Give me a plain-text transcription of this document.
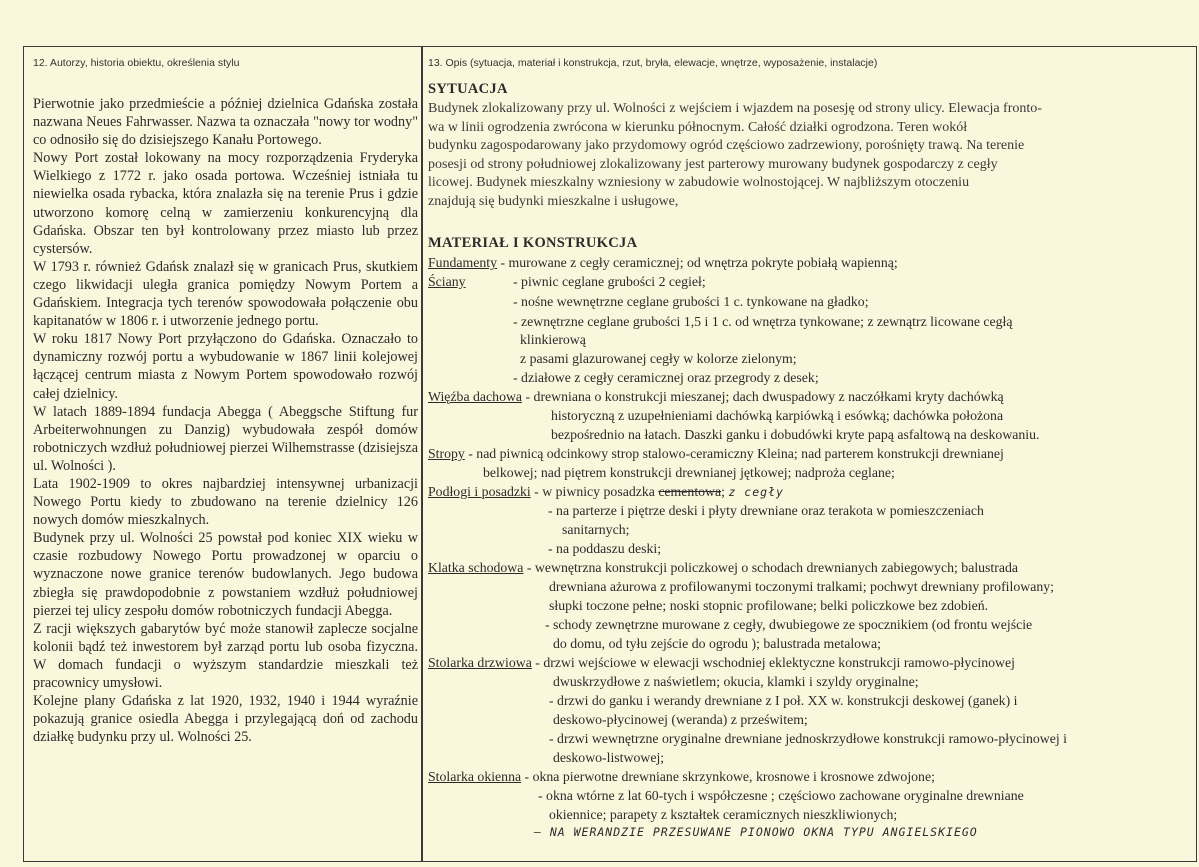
12. Autorzy, historia obiektu, określenia stylu	13. Opis (sytuacja, materiał i konstrukcja, rzut, bryła, elewacje, wnętrze, wyposażenie, instalacje)

Pierwotnie jako przedmieście a później dzielnica Gdańska została nazwana Neues Fahrwasser. Nazwa ta oznaczała "nowy tor wodny" co odnosiło się do dzisiejszego Kanału Portowego.

Nowy Port został lokowany na mocy rozporządzenia Fryderyka Wielkiego z 1772 r. jako osada portowa. Wcześniej istniała tu niewielka osada rybacka, która znalazła się na terenie Prus i gdzie utworzono komorę celną w zamierzeniu konkurencyjną dla Gdańska. Obszar ten był kontrolowany przez miasto lub przez cystersów.

W 1793 r. również Gdańsk znalazł się w granicach Prus, skutkiem czego likwidacji uległa granica pomiędzy Nowym Portem a Gdańskiem. Integracja tych terenów spowodowała połączenie obu kapitanatów w 1806 r. i utworzenie jednego portu.

W roku 1817 Nowy Port przyłączono do Gdańska. Oznaczało to dynamiczny rozwój portu a wybudowanie w 1867 linii kolejowej łączącej centrum miasta z Nowym Portem spowodowało rozwój całej dzielnicy.

W latach 1889-1894 fundacja Abegga ( Abeggsche Stiftung fur Arbeiterwohnungen zu Danzig) wybudowała zespół domów robotniczych wzdłuż południowej pierzei Wilhemstrasse (dzisiejsza ul. Wolności ).

Lata 1902-1909 to okres najbardziej intensywnej urbanizacji Nowego Portu kiedy to zbudowano na terenie dzielnicy 126 nowych domów mieszkalnych.

Budynek przy ul. Wolności 25 powstał pod koniec XIX wieku w czasie rozbudowy Nowego Portu prowadzonej w oparciu o wyznaczone nowe granice terenów budowlanych. Jego budowa zbiegła się prawdopodobnie z powstaniem wzdłuż południowej pierzei tej ulicy zespołu domów robotniczych fundacji Abegga.

Z racji większych gabarytów być może stanowił zaplecze socjalne kolonii bądź też inwestorem był zarząd portu lub osoba fizyczna. W domach fundacji o wyższym standardzie mieszkali też pracownicy umysłowi.

Kolejne plany Gdańska z lat 1920, 1932, 1940 i 1944 wyraźnie pokazują granice osiedla Abegga i przylegającą doń od zachodu działkę budynku przy ul. Wolności 25.

SYTUACJA
Budynek zlokalizowany przy ul. Wolności z wejściem i wjazdem na posesję od strony ulicy. Elewacja fronto-
wa w linii ogrodzenia zwrócona w kierunku północnym. Całość działki ogrodzona. Teren wokół
budynku zagospodarowany jako przydomowy ogród częściowo zadrzewiony, porośnięty trawą. Na terenie
posesji od strony południowej zlokalizowany jest parterowy murowany budynek gospodarczy z cegły
licowej. Budynek mieszkalny wzniesiony w zabudowie wolnostojącej. W najbliższym otoczeniu
znajdują się budynki mieszkalne i usługowe,
MATERIAŁ I KONSTRUKCJA
Fundamenty - murowane z cegły ceramicznej; od wnętrza pokryte pobiałą wapienną;
Ściany	- piwnic ceglane grubości 2 cegieł;
- nośne wewnętrzne ceglane grubości 1 c. tynkowane na gładko;
- zewnętrzne ceglane grubości 1,5 i 1 c. od wnętrza tynkowane; z zewnątrz licowane cegłą
klinkierową
z pasami glazurowanej cegły w kolorze zielonym;
- działowe z cegły ceramicznej oraz przegrody z desek;
Więźba dachowa - drewniana o konstrukcji mieszanej; dach dwuspadowy z naczółkami kryty dachówką
historyczną z uzupełnieniami dachówką karpiówką i esówką; dachówka położona
bezpośrednio na łatach. Daszki ganku i dobudówki kryte papą asfaltową na deskowaniu.
Stropy - nad piwnicą odcinkowy strop stalowo-ceramiczny Kleina; nad parterem konstrukcji drewnianej
belkowej; nad piętrem konstrukcji drewnianej jętkowej; nadproża ceglane;
Podłogi i posadzki - w piwnicy posadzka cementowa; z cegły
- na parterze i piętrze deski i płyty drewniane oraz terakota w pomieszczeniach
sanitarnych;
- na poddaszu deski;
Klatka schodowa - wewnętrzna konstrukcji policzkowej o schodach drewnianych zabiegowych; balustrada
drewniana ażurowa z profilowanymi toczonymi tralkami; pochwyt drewniany profilowany;
słupki toczone pełne; noski stopnic profilowane; belki policzkowe bez zdobień.
- schody zewnętrzne murowane z cegły, dwubiegowe ze spocznikiem (od frontu wejście
do domu, od tyłu zejście do ogrodu ); balustrada metalowa;
Stolarka drzwiowa - drzwi wejściowe w elewacji wschodniej eklektyczne konstrukcji ramowo-płycinowej
dwuskrzydłowe z naświetlem; okucia, klamki i szyldy oryginalne;
- drzwi do ganku i werandy drewniane z I poł. XX w. konstrukcji deskowej (ganek) i
deskowo-płycinowej (weranda) z prześwitem;
- drzwi wewnętrzne oryginalne drewniane jednoskrzydłowe konstrukcji ramowo-płycinowej i
deskowo-listwowej;
Stolarka okienna - okna pierwotne drewniane skrzynkowe, krosnowe i krosnowe zdwojone;
- okna wtórne z lat 60-tych i współczesne ; częściowo zachowane oryginalne drewniane
okiennice; parapety z kształtek ceramicznych nieszkliwionych;
– NA WERANDZIE PRZESUWANE PIONOWO OKNA TYPU ANGIELSKIEGO
